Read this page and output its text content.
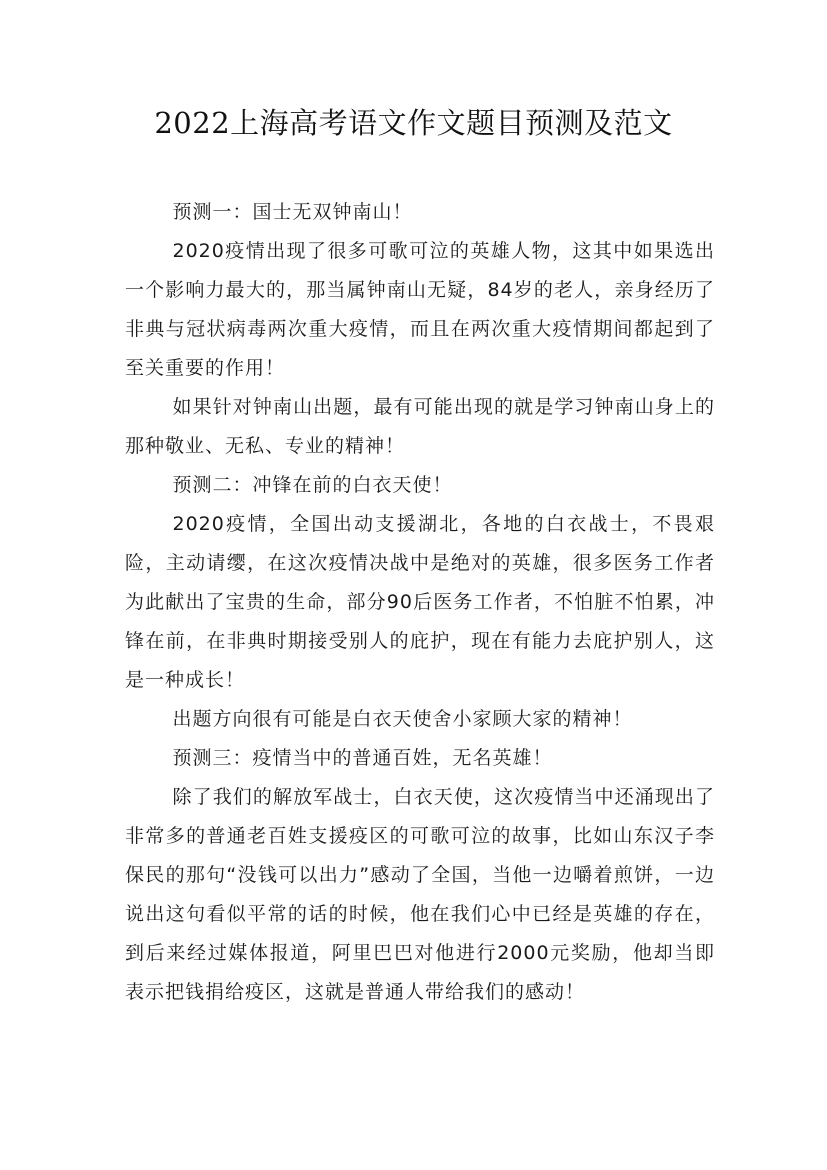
2022上海高考语文作文题目预测及范文

预测一：国士无双钟南山！

2020疫情出现了很多可歌可泣的英雄人物，这其中如果选出一个影响力最大的，那当属钟南山无疑，84岁的老人，亲身经历了非典与冠状病毒两次重大疫情，而且在两次重大疫情期间都起到了至关重要的作用！

如果针对钟南山出题，最有可能出现的就是学习钟南山身上的那种敬业、无私、专业的精神！

预测二：冲锋在前的白衣天使！

2020疫情，全国出动支援湖北，各地的白衣战士，不畏艰险，主动请缨，在这次疫情决战中是绝对的英雄，很多医务工作者为此献出了宝贵的生命，部分90后医务工作者，不怕脏不怕累，冲锋在前，在非典时期接受别人的庇护，现在有能力去庇护别人，这是一种成长！

出题方向很有可能是白衣天使舍小家顾大家的精神！

预测三：疫情当中的普通百姓，无名英雄！

除了我们的解放军战士，白衣天使，这次疫情当中还涌现出了非常多的普通老百姓支援疫区的可歌可泣的故事，比如山东汉子李保民的那句“没钱可以出力”感动了全国，当他一边嚼着煎饼，一边说出这句看似平常的话的时候，他在我们心中已经是英雄的存在，到后来经过媒体报道，阿里巴巴对他进行2000元奖励，他却当即表示把钱捐给疫区，这就是普通人带给我们的感动！
